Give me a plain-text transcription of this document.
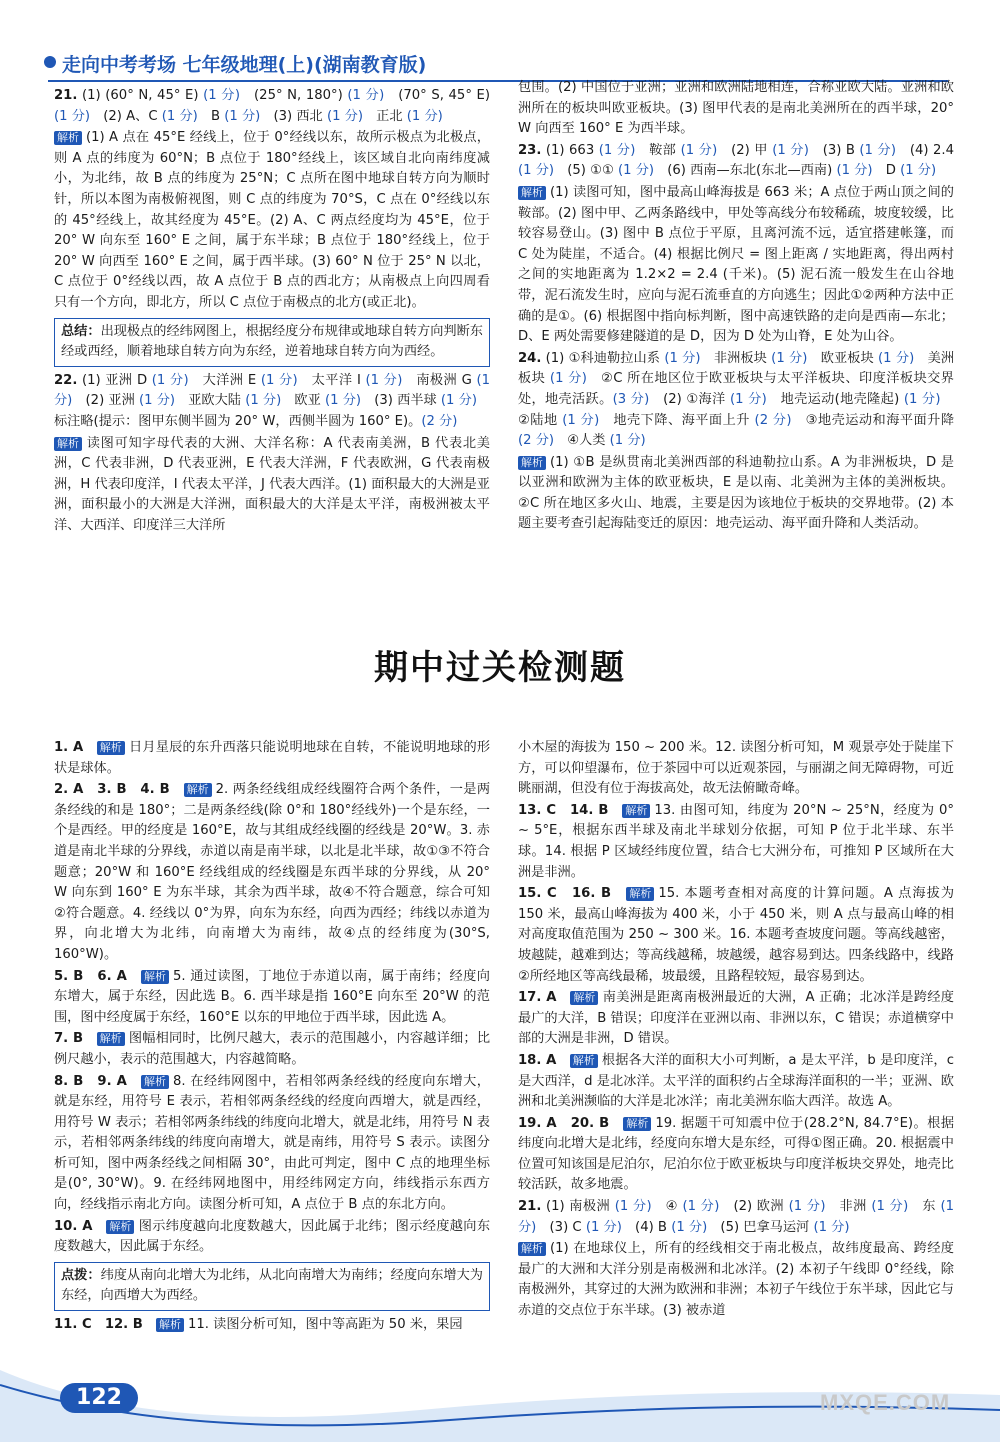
走向中考考场 七年级地理(上)(湖南教育版)

21. (1) (60° N, 45° E) (1 分)　(25° N, 180°) (1 分)　(70° S, 45° E) (1 分)　(2) A、C (1 分)　B (1 分)　(3) 西北 (1 分)　正北 (1 分)

解析 (1) A 点在 45°E 经线上，位于 0°经线以东，故所示极点为北极点，则 A 点的纬度为 60°N；B 点位于 180°经线上，该区域自北向南纬度减小，为北纬，故 B 点的纬度为 25°N；C 点所在图中地球自转方向为顺时针，所以本图为南极俯视图，则 C 点的纬度为 70°S，C 点在 0°经线以东的 45°经线上，故其经度为 45°E。(2) A、C 两点经度均为 45°E，位于 20° W 向东至 160° E 之间，属于东半球；B 点位于 180°经线上，位于 20° W 向西至 160° E 之间，属于西半球。(3) 60° N 位于 25° N 以北，C 点位于 0°经线以西，故 A 点位于 B 点的西北方；从南极点上向四周看只有一个方向，即北方，所以 C 点位于南极点的北方(或正北)。

总结：出现极点的经纬网图上，根据经度分布规律或地球自转方向判断东经或西经，顺着地球自转方向为东经，逆着地球自转方向为西经。

22. (1) 亚洲 D (1 分)　大洋洲 E (1 分)　太平洋 I (1 分)　南极洲 G (1 分)　(2) 亚洲 (1 分)　亚欧大陆 (1 分)　欧亚 (1 分)　(3) 西半球 (1 分)　标注略(提示：图甲东侧半圆为 20° W，西侧半圆为 160° E)。(2 分)

解析 读图可知字母代表的大洲、大洋名称：A 代表南美洲，B 代表北美洲，C 代表非洲，D 代表亚洲，E 代表大洋洲，F 代表欧洲，G 代表南极洲，H 代表印度洋，I 代表太平洋，J 代表大西洋。(1) 面积最大的大洲是亚洲，面积最小的大洲是大洋洲，面积最大的大洋是太平洋，南极洲被太平洋、大西洋、印度洋三大洋所

包围。(2) 中国位于亚洲；亚洲和欧洲陆地相连，合称亚欧大陆。亚洲和欧洲所在的板块叫欧亚板块。(3) 图甲代表的是南北美洲所在的西半球，20° W 向西至 160° E 为西半球。

23. (1) 663 (1 分)　鞍部 (1 分)　(2) 甲 (1 分)　(3) B (1 分)　(4) 2.4 (1 分)　(5) ①① (1 分)　(6) 西南—东北(东北—西南) (1 分)　D (1 分)

解析 (1) 读图可知，图中最高山峰海拔是 663 米；A 点位于两山顶之间的鞍部。(2) 图中甲、乙两条路线中，甲处等高线分布较稀疏，坡度较缓，比较容易登山。(3) 图中 B 点位于平原，且离河流不远，适宜搭建帐篷，而 C 处为陡崖，不适合。(4) 根据比例尺 = 图上距离 / 实地距离，得出两村之间的实地距离为 1.2×2 = 2.4 (千米)。(5) 泥石流一般发生在山谷地带，泥石流发生时，应向与泥石流垂直的方向逃生；因此①②两种方法中正确的是①。(6) 根据图中指向标判断，图中高速铁路的走向是西南—东北；D、E 两处需要修建隧道的是 D，因为 D 处为山脊，E 处为山谷。

24. (1) ①科迪勒拉山系 (1 分)　非洲板块 (1 分)　欧亚板块 (1 分)　美洲板块 (1 分)　②C 所在地区位于欧亚板块与太平洋板块、印度洋板块交界处，地壳活跃。(3 分)　(2) ①海洋 (1 分)　地壳运动(地壳隆起) (1 分)　②陆地 (1 分)　地壳下降、海平面上升 (2 分)　③地壳运动和海平面升降 (2 分)　④人类 (1 分)

解析 (1) ①B 是纵贯南北美洲西部的科迪勒拉山系。A 为非洲板块，D 是以亚洲和欧洲为主体的欧亚板块，E 是以南、北美洲为主体的美洲板块。②C 所在地区多火山、地震，主要是因为该地位于板块的交界地带。(2) 本题主要考查引起海陆变迁的原因：地壳运动、海平面升降和人类活动。

期中过关检测题

1. A　 解析 日月星辰的东升西落只能说明地球在自转，不能说明地球的形状是球体。

2. A　3. B　4. B　 解析 2. 两条经线组成经线圈符合两个条件，一是两条经线的和是 180°；二是两条经线(除 0°和 180°经线外)一个是东经，一个是西经。甲的经度是 160°E，故与其组成经线圈的经线是 20°W。3. 赤道是南北半球的分界线，赤道以南是南半球，以北是北半球，故①③不符合题意；20°W 和 160°E 经线组成的经线圈是东西半球的分界线，从 20° W 向东到 160° E 为东半球，其余为西半球，故④不符合题意，综合可知②符合题意。4. 经线以 0°为界，向东为东经，向西为西经；纬线以赤道为界，向北增大为北纬，向南增大为南纬，故④点的经纬度为(30°S, 160°W)。

5. B　6. A　 解析 5. 通过读图，丁地位于赤道以南，属于南纬；经度向东增大，属于东经，因此选 B。6. 西半球是指 160°E 向东至 20°W 的范围，图中经度属于东经，160°E 以东的甲地位于西半球，因此选 A。

7. B　 解析 图幅相同时，比例尺越大，表示的范围越小，内容越详细；比例尺越小，表示的范围越大，内容越简略。

8. B　9. A　 解析 8. 在经纬网图中，若相邻两条经线的经度向东增大，就是东经，用符号 E 表示，若相邻两条经线的经度向西增大，就是西经，用符号 W 表示；若相邻两条纬线的纬度向北增大，就是北纬，用符号 N 表示，若相邻两条纬线的纬度向南增大，就是南纬，用符号 S 表示。读图分析可知，图中两条经线之间相隔 30°，由此可判定，图中 C 点的地理坐标是(0°, 30°W)。9. 在经纬网地图中，用经纬网定方向，纬线指示东西方向，经线指示南北方向。读图分析可知，A 点位于 B 点的东北方向。

10. A　 解析 图示纬度越向北度数越大，因此属于北纬；图示经度越向东度数越大，因此属于东经。

点拨：纬度从南向北增大为北纬，从北向南增大为南纬；经度向东增大为东经，向西增大为西经。

11. C　12. B　 解析 11. 读图分析可知，图中等高距为 50 米，果园

小木屋的海拔为 150 ~ 200 米。12. 读图分析可知，M 观景亭处于陡崖下方，可以仰望瀑布，位于茶园中可以近观茶园，与丽湖之间无障碍物，可近眺丽湖，但没有位于海拔高处，故无法俯瞰奇峰。

13. C　14. B　 解析 13. 由图可知，纬度为 20°N ~ 25°N，经度为 0° ~ 5°E，根据东西半球及南北半球划分依据，可知 P 位于北半球、东半球。14. 根据 P 区域经纬度位置，结合七大洲分布，可推知 P 区域所在大洲是非洲。

15. C　16. B　 解析 15. 本题考查相对高度的计算问题。A 点海拔为 150 米，最高山峰海拔为 400 米，小于 450 米，则 A 点与最高山峰的相对高度取值范围为 250 ~ 300 米。16. 本题考查坡度问题。等高线越密，坡越陡，越难到达；等高线越稀，坡越缓，越容易到达。四条线路中，线路②所经地区等高线最稀，坡最缓，且路程较短，最容易到达。

17. A　 解析 南美洲是距离南极洲最近的大洲，A 正确；北冰洋是跨经度最广的大洋，B 错误；印度洋在亚洲以南、非洲以东，C 错误；赤道横穿中部的大洲是非洲，D 错误。

18. A　 解析 根据各大洋的面积大小可判断，a 是太平洋，b 是印度洋，c 是大西洋，d 是北冰洋。太平洋的面积约占全球海洋面积的一半；亚洲、欧洲和北美洲濒临的大洋是北冰洋；南北美洲东临大西洋。故选 A。

19. A　20. B　 解析 19. 据题干可知震中位于(28.2°N, 84.7°E)。根据纬度向北增大是北纬，经度向东增大是东经，可得①图正确。20. 根据震中位置可知该国是尼泊尔，尼泊尔位于欧亚板块与印度洋板块交界处，地壳比较活跃，故多地震。

21. (1) 南极洲 (1 分)　④ (1 分)　(2) 欧洲 (1 分)　非洲 (1 分)　东 (1 分)　(3) C (1 分)　(4) B (1 分)　(5) 巴拿马运河 (1 分)

解析 (1) 在地球仪上，所有的经线相交于南北极点，故纬度最高、跨经度最广的大洲和大洋分别是南极洲和北冰洋。(2) 本初子午线即 0°经线，除南极洲外，其穿过的大洲为欧洲和非洲；本初子午线位于东半球，因此它与赤道的交点位于东半球。(3) 被赤道

122	MXQE.COM
